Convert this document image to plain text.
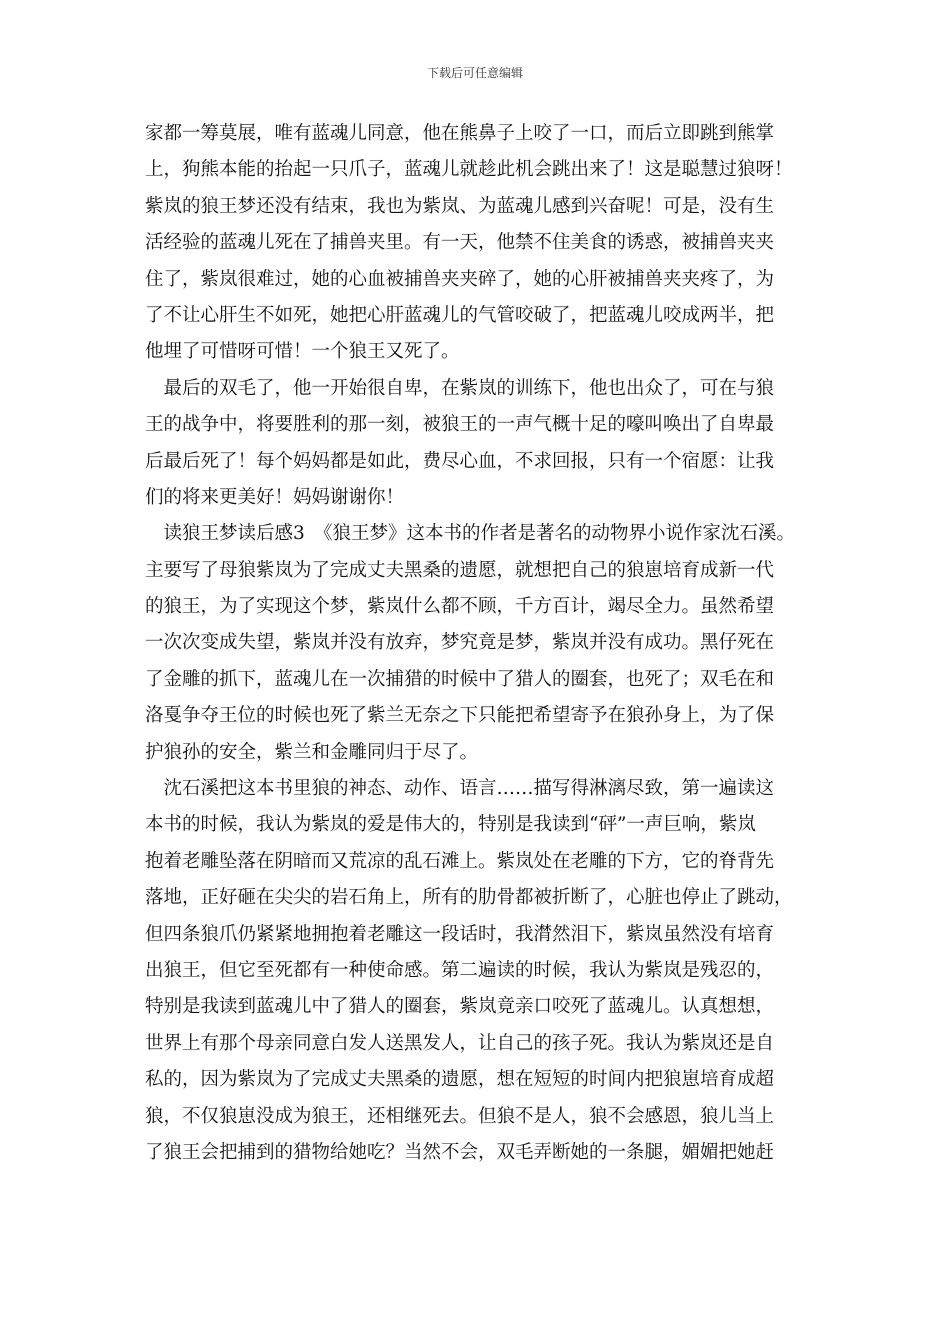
下载后可任意编辑
家都一筹莫展，唯有蓝魂儿同意，他在熊鼻子上咬了一口，而后立即跳到熊掌
上，狗熊本能的抬起一只爪子，蓝魂儿就趁此机会跳出来了！这是聪慧过狼呀！
紫岚的狼王梦还没有结束，我也为紫岚、为蓝魂儿感到兴奋呢！可是，没有生
活经验的蓝魂儿死在了捕兽夹里。有一天，他禁不住美食的诱惑，被捕兽夹夹
住了，紫岚很难过，她的心血被捕兽夹夹碎了，她的心肝被捕兽夹夹疼了，为
了不让心肝生不如死，她把心肝蓝魂儿的气管咬破了，把蓝魂儿咬成两半，把
他埋了可惜呀可惜！一个狼王又死了。
　最后的双毛了，他一开始很自卑，在紫岚的训练下，他也出众了，可在与狼
王的战争中，将要胜利的那一刻，被狼王的一声气概十足的嚎叫唤出了自卑最
后最后死了！每个妈妈都是如此，费尽心血，不求回报，只有一个宿愿：让我
们的将来更美好！妈妈谢谢你！
　读狼王梦读后感3　《狼王梦》这本书的作者是著名的动物界小说作家沈石溪。
主要写了母狼紫岚为了完成丈夫黑桑的遗愿，就想把自己的狼崽培育成新一代
的狼王，为了实现这个梦，紫岚什么都不顾，千方百计，竭尽全力。虽然希望
一次次变成失望，紫岚并没有放弃，梦究竟是梦，紫岚并没有成功。黑仔死在
了金雕的抓下，蓝魂儿在一次捕猎的时候中了猎人的圈套，也死了；双毛在和
洛戛争夺王位的时候也死了紫兰无奈之下只能把希望寄予在狼孙身上，为了保
护狼孙的安全，紫兰和金雕同归于尽了。
　沈石溪把这本书里狼的神态、动作、语言……描写得淋漓尽致，第一遍读这
本书的时候，我认为紫岚的爱是伟大的，特别是我读到“砰”一声巨响，紫岚
抱着老雕坠落在阴暗而又荒凉的乱石滩上。紫岚处在老雕的下方，它的脊背先
落地，正好砸在尖尖的岩石角上，所有的肋骨都被折断了，心脏也停止了跳动，
但四条狼爪仍紧紧地拥抱着老雕这一段话时，我潸然泪下，紫岚虽然没有培育
出狼王，但它至死都有一种使命感。第二遍读的时候，我认为紫岚是残忍的，
特别是我读到蓝魂儿中了猎人的圈套，紫岚竟亲口咬死了蓝魂儿。认真想想，
世界上有那个母亲同意白发人送黑发人，让自己的孩子死。我认为紫岚还是自
私的，因为紫岚为了完成丈夫黑桑的遗愿，想在短短的时间内把狼崽培育成超
狼，不仅狼崽没成为狼王，还相继死去。但狼不是人，狼不会感恩，狼儿当上
了狼王会把捕到的猎物给她吃？当然不会，双毛弄断她的一条腿，媚媚把她赶
